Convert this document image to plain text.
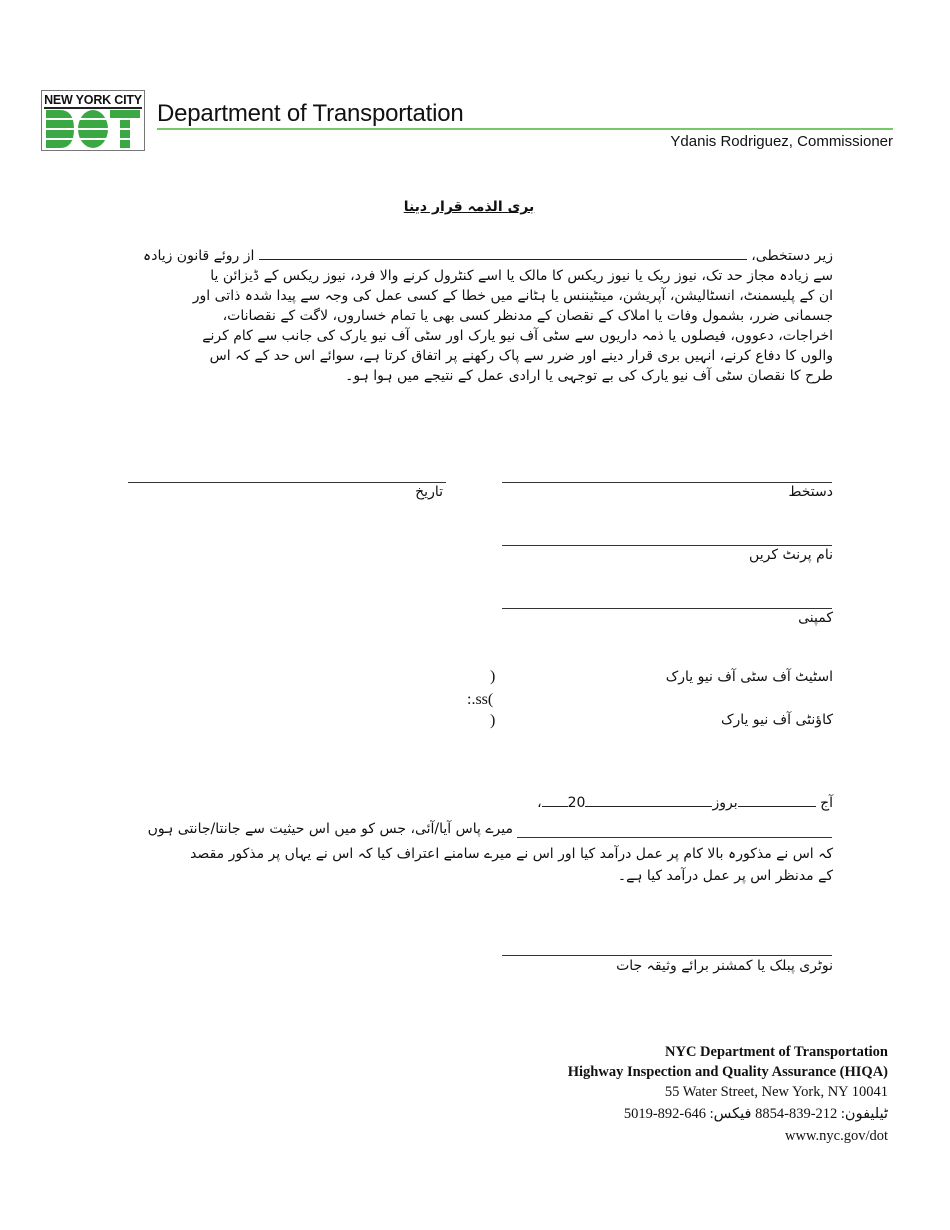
NEW YORK CITY Department of Transportation
Ydanis Rodriguez, Commissioner
بری الذمہ قرار دینا
زیر دستخطی،  از روئے قانون زیادہ
سے زیادہ مجاز حد تک، نیوز ریک یا نیوز ریکس کا مالک یا اسے کنٹرول کرنے والا فرد، نیوز ریکس کے ڈیزائن یا
ان کے پلیسمنٹ، انسٹالیشن، آپریشن، مینٹیننس یا ہٹانے میں خطا کے کسی عمل کی وجہ سے پیدا شدہ ذاتی اور
جسمانی ضرر، بشمول وفات یا املاک کے نقصان کے مدنظر کسی بھی یا تمام خساروں، لاگت کے نقصانات،
اخراجات، دعووں، فیصلوں یا ذمہ داریوں سے سٹی آف نیو یارک اور سٹی آف نیو یارک کی جانب سے کام کرنے
والوں کا دفاع کرنے، انہیں بری قرار دینے اور ضرر سے پاک رکھنے پر اتفاق کرتا ہے، سوائے اس حد کے کہ اس
طرح کا نقصان سٹی آف نیو یارک کی بے توجہی یا ارادی عمل کے نتیجے میں ہوا ہو۔
دستخط
تاریخ
نام پرنٹ کریں
کمپنی
اسٹیٹ آف سٹی آف نیو یارک
)
:.ss(
کاؤنٹی آف نیو یارک
)
آج بروز20،
میرے پاس آیا/آئی، جس کو میں اس حیثیت سے جانتا/جانتی ہوں
کہ اس نے مذکورہ بالا کام پر عمل درآمد کیا اور اس نے میرے سامنے اعتراف کیا کہ اس نے یہاں پر مذکور مقصد
کے مدنظر اس پر عمل درآمد کیا ہے۔
نوٹری پبلک یا کمشنر برائے وثیقہ جات
NYC Department of Transportation
Highway Inspection and Quality Assurance (HIQA)
55 Water Street, New York, NY 10041
ٹیلیفون: 212-839-8854 فیکس: 646-892-5019
www.nyc.gov/dot
